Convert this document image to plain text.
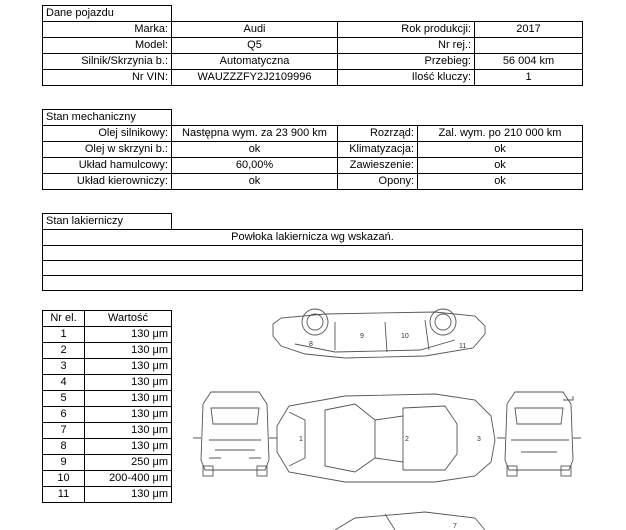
Dane pojazdu
Marka:	Audi	Rok produkcji:	2017
Model:	Q5	Nr rej.:	
Silnik/Skrzynia b.:	Automatyczna	Przebieg:	56 004 km
Nr VIN:	WAUZZZFY2J2109996	Ilość kluczy:	1
Stan mechaniczny
Olej silnikowy:	Następna wym. za 23 900 km	Rozrząd:	Zal. wym. po 210 000 km
Olej w skrzyni b.:	ok	Klimatyzacja:	ok
Układ hamulcowy:	60,00%	Zawieszenie:	ok
Układ kierowniczy:	ok	Opony:	ok
Stan lakierniczy
Powłoka lakiernicza wg wskazań.

Nr el.	Wartość
1	130 μm
2	130 μm
3	130 μm
4	130 μm
5	130 μm
6	130 μm
7	130 μm
8	130 μm
9	250 μm
10	200-400 μm
11	130 μm
8
9	10
11
1	2	3
7
